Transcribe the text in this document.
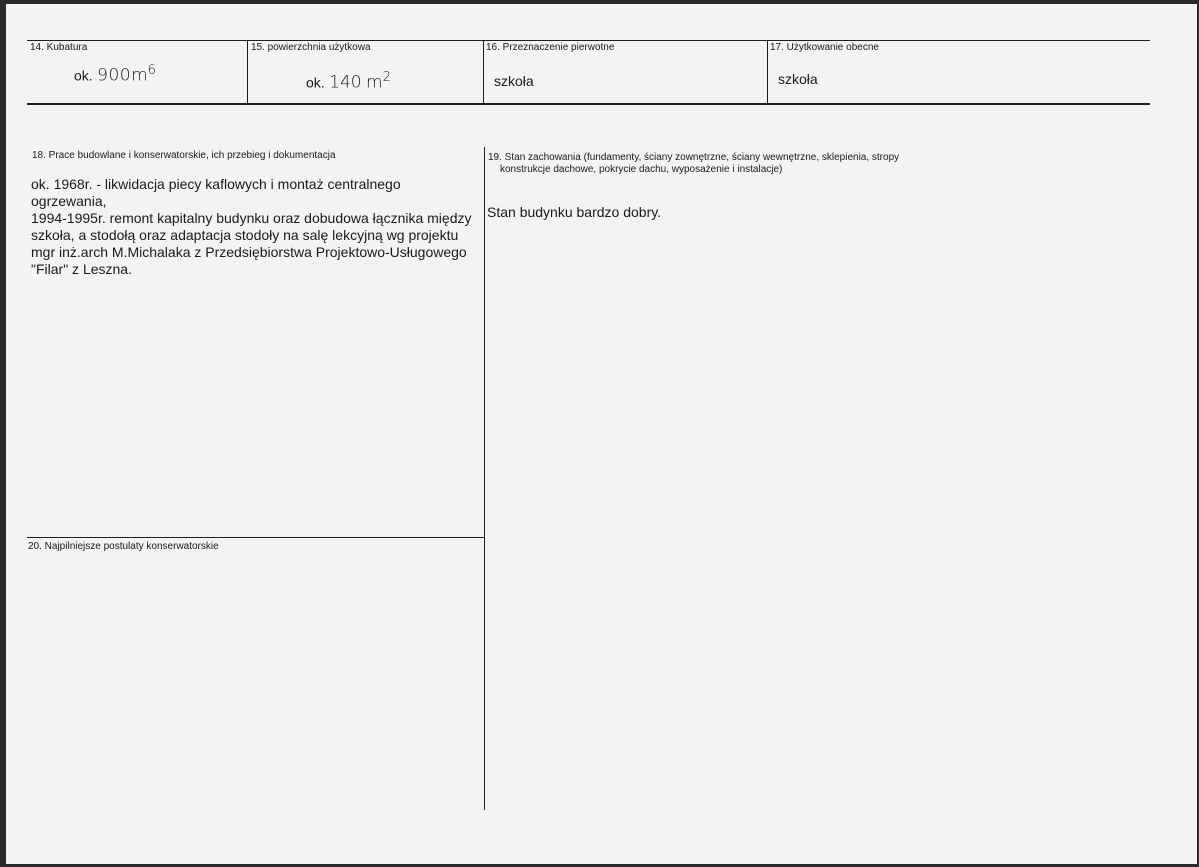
14. Kubatura
ok. $900m^6$
15. powierzchnia użytkowa
ok. 140 $m^2$
16. Przeznaczenie pierwotne
szkoła
17. Użytkowanie obecne
szkoła
18. Prace budowlane i konserwatorskie, ich przebieg i dokumentacja
ok. 1968r. - likwidacja piecy kaflowych i montaż centralnego
ogrzewania,
1994-1995r. remont kapitalny budynku oraz dobudowa łącznika między
szkoła, a stodołą oraz adaptacja stodoły na salę lekcyjną wg projektu
mgr inż.arch M.Michalaka z Przedsiębiorstwa Projektowo-Usługowego
"Filar" z Leszna.
19. Stan zachowania (fundamenty, ściany zownętrzne, ściany wewnętrzne, sklepienia, stropy
konstrukcje dachowe, pokrycie dachu, wyposażenie i instalacje)
Stan budynku bardzo dobry.
20. Najpilniejsze postulaty konserwatorskie
